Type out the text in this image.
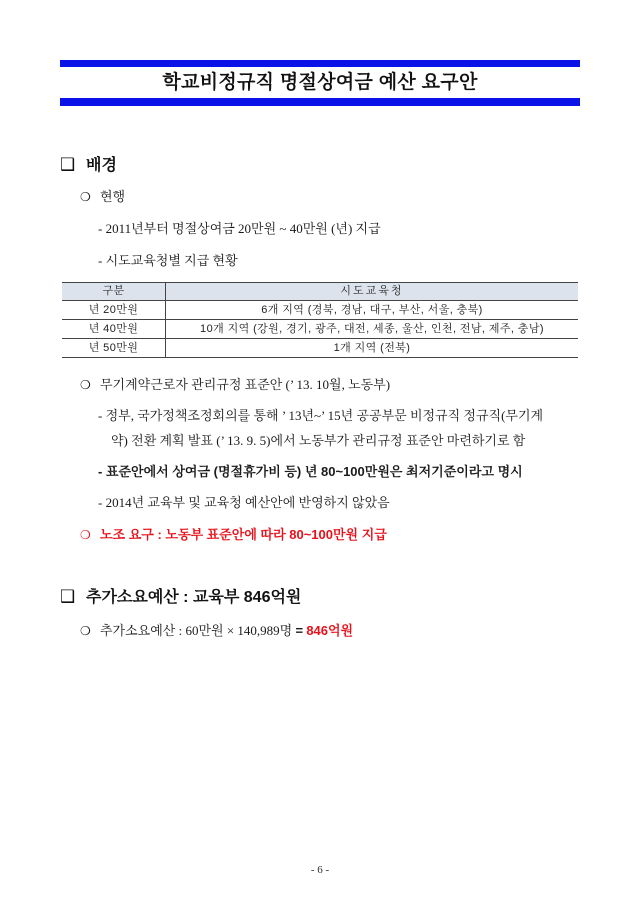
학교비정규직 명절상여금 예산 요구안
❑ 배경
❍ 현행
- 2011년부터 명절상여금 20만원 ~ 40만원 (년) 지급
- 시도교육청별 지급 현황
구분	시도교육청
년 20만원	6개 지역 (경북, 경남, 대구, 부산, 서울, 충북)
년 40만원	10개 지역 (강원, 경기, 광주, 대전, 세종, 울산, 인천, 전남, 제주, 충남)
년 50만원	1개 지역 (전북)
❍ 무기계약근로자 관리규정 표준안 (’ 13. 10월, 노동부)
- 정부, 국가정책조정회의를 통해 ’ 13년~’ 15년 공공부문 비정규직 정규직(무기계
약) 전환 계획 발표 (’ 13. 9. 5)에서 노동부가 관리규정 표준안 마련하기로 함
- 표준안에서 상여금 (명절휴가비 등) 년 80~100만원은 최저기준이라고 명시
- 2014년 교육부 및 교육청 예산안에 반영하지 않았음
❍ 노조 요구 : 노동부 표준안에 따라 80~100만원 지급
❑ 추가소요예산 : 교육부 846억원
❍ 추가소요예산 : 60만원 × 140,989명 = 846억원
- 6 -
